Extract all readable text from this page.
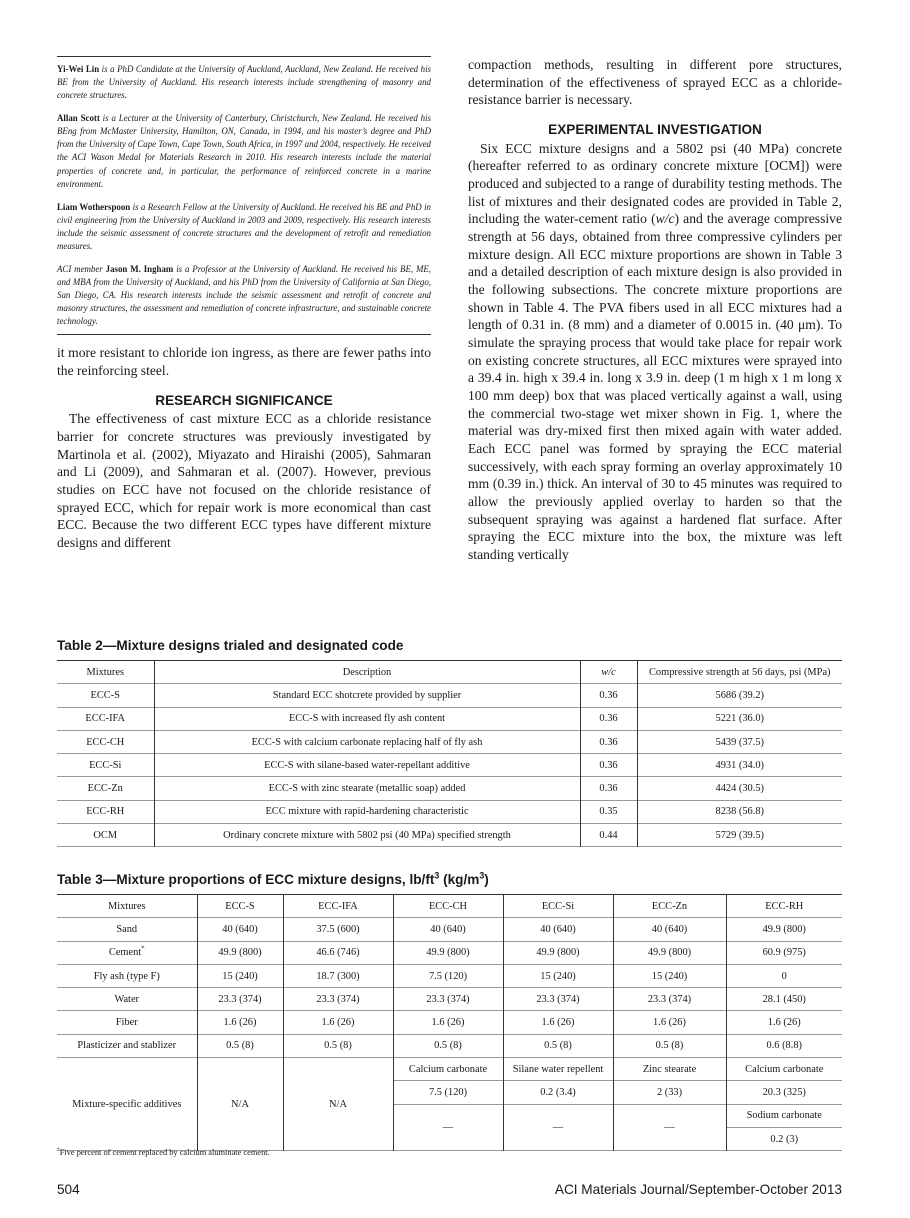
Yi-Wei Lin is a PhD Candidate at the University of Auckland, Auckland, New Zealand. He received his BE from the University of Auckland. His research interests include strengthening of masonry and concrete structures.

Allan Scott is a Lecturer at the University of Canterbury, Christchurch, New Zealand. He received his BEng from McMaster University, Hamilton, ON, Canada, in 1994, and his master’s degree and PhD from the University of Cape Town, Cape Town, South Africa, in 1997 and 2004, respectively. He received the ACI Wason Medal for Materials Research in 2010. His research interests include the material properties of concrete and, in particular, the performance of reinforced concrete in a marine environment.

Liam Wotherspoon is a Research Fellow at the University of Auckland. He received his BE and PhD in civil engineering from the University of Auckland in 2003 and 2009, respectively. His research interests include the seismic assessment of concrete structures and the development of retrofit and remediation measures.

ACI member Jason M. Ingham is a Professor at the University of Auckland. He received his BE, ME, and MBA from the University of Auckland, and his PhD from the University of California at San Diego, San Diego, CA. His research interests include the seismic assessment and retrofit of concrete and masonry structures, the assessment and remediation of concrete infrastructure, and sustainable concrete technology.

it more resistant to chloride ion ingress, as there are fewer paths into the reinforcing steel.

RESEARCH SIGNIFICANCE

The effectiveness of cast mixture ECC as a chloride resistance barrier for concrete structures was previously investigated by Martinola et al. (2002), Miyazato and Hiraishi (2005), Sahmaran and Li (2009), and Sahmaran et al. (2007). However, previous studies on ECC have not focused on the chloride resistance of sprayed ECC, which for repair work is more economical than cast ECC. Because the two different ECC types have different mixture designs and different

compaction methods, resulting in different pore structures, determination of the effectiveness of sprayed ECC as a chloride-resistance barrier is necessary.

EXPERIMENTAL INVESTIGATION

Six ECC mixture designs and a 5802 psi (40 MPa) concrete (hereafter referred to as ordinary concrete mixture [OCM]) were produced and subjected to a range of durability testing methods. The list of mixtures and their designated codes are provided in Table 2, including the water-cement ratio (w/c) and the average compressive strength at 56 days, obtained from three compressive cylinders per mixture design. All ECC mixture proportions are shown in Table 3 and a detailed description of each mixture design is also provided in the following subsections. The concrete mixture proportions are shown in Table 4. The PVA fibers used in all ECC mixtures had a length of 0.31 in. (8 mm) and a diameter of 0.0015 in. (40 μm). To simulate the spraying process that would take place for repair work on existing concrete structures, all ECC mixtures were sprayed into a 39.4 in. high x 39.4 in. long x 3.9 in. deep (1 m high x 1 m long x 100 mm deep) box that was placed vertically against a wall, using the commercial two-stage wet mixer shown in Fig. 1, where the material was dry-mixed first then mixed again with water added. Each ECC panel was formed by spraying the ECC material successively, with each spray forming an overlay approximately 10 mm (0.39 in.) thick. An interval of 30 to 45 minutes was required to allow the previously applied overlay to harden so that the subsequent spraying was against a hardened flat surface. After spraying the ECC mixture into the box, the mixture was left standing vertically

Table 2—Mixture designs trialed and designated code
Mixtures	Description	w/c	Compressive strength at 56 days, psi (MPa)
ECC-S	Standard ECC shotcrete provided by supplier	0.36	5686 (39.2)
ECC-IFA	ECC-S with increased fly ash content	0.36	5221 (36.0)
ECC-CH	ECC-S with calcium carbonate replacing half of fly ash	0.36	5439 (37.5)
ECC-Si	ECC-S with silane-based water-repellant additive	0.36	4931 (34.0)
ECC-Zn	ECC-S with zinc stearate (metallic soap) added	0.36	4424 (30.5)
ECC-RH	ECC mixture with rapid-hardening characteristic	0.35	8238 (56.8)
OCM	Ordinary concrete mixture with 5802 psi (40 MPa) specified strength	0.44	5729 (39.5)
Table 3—Mixture proportions of ECC mixture designs, $lb/ft^3$ $(kg/m^3)$
Mixtures	ECC-S	ECC-IFA	ECC-CH	ECC-Si	ECC-Zn	ECC-RH
Sand	40 (640)	37.5 (600)	40 (640)	40 (640)	40 (640)	49.9 (800)
Cement*	49.9 (800)	46.6 (746)	49.9 (800)	49.9 (800)	49.9 (800)	60.9 (975)
Fly ash (type F)	15 (240)	18.7 (300)	7.5 (120)	15 (240)	15 (240)	0
Water	23.3 (374)	23.3 (374)	23.3 (374)	23.3 (374)	23.3 (374)	28.1 (450)
Fiber	1.6 (26)	1.6 (26)	1.6 (26)	1.6 (26)	1.6 (26)	1.6 (26)
Plasticizer and stablizer	0.5 (8)	0.5 (8)	0.5 (8)	0.5 (8)	0.5 (8)	0.6 (8.8)
Mixture-specific additives	N/A	N/A	Calcium carbonate	Silane water repellent	Zinc stearate	Calcium carbonate
			7.5 (120)	0.2 (3.4)	2 (33)	20.3 (325)
			—	—	—	Sodium carbonate
						0.2 (3)
*Five percent of cement replaced by calcium aluminate cement.
504	ACI Materials Journal/September-October 2013
